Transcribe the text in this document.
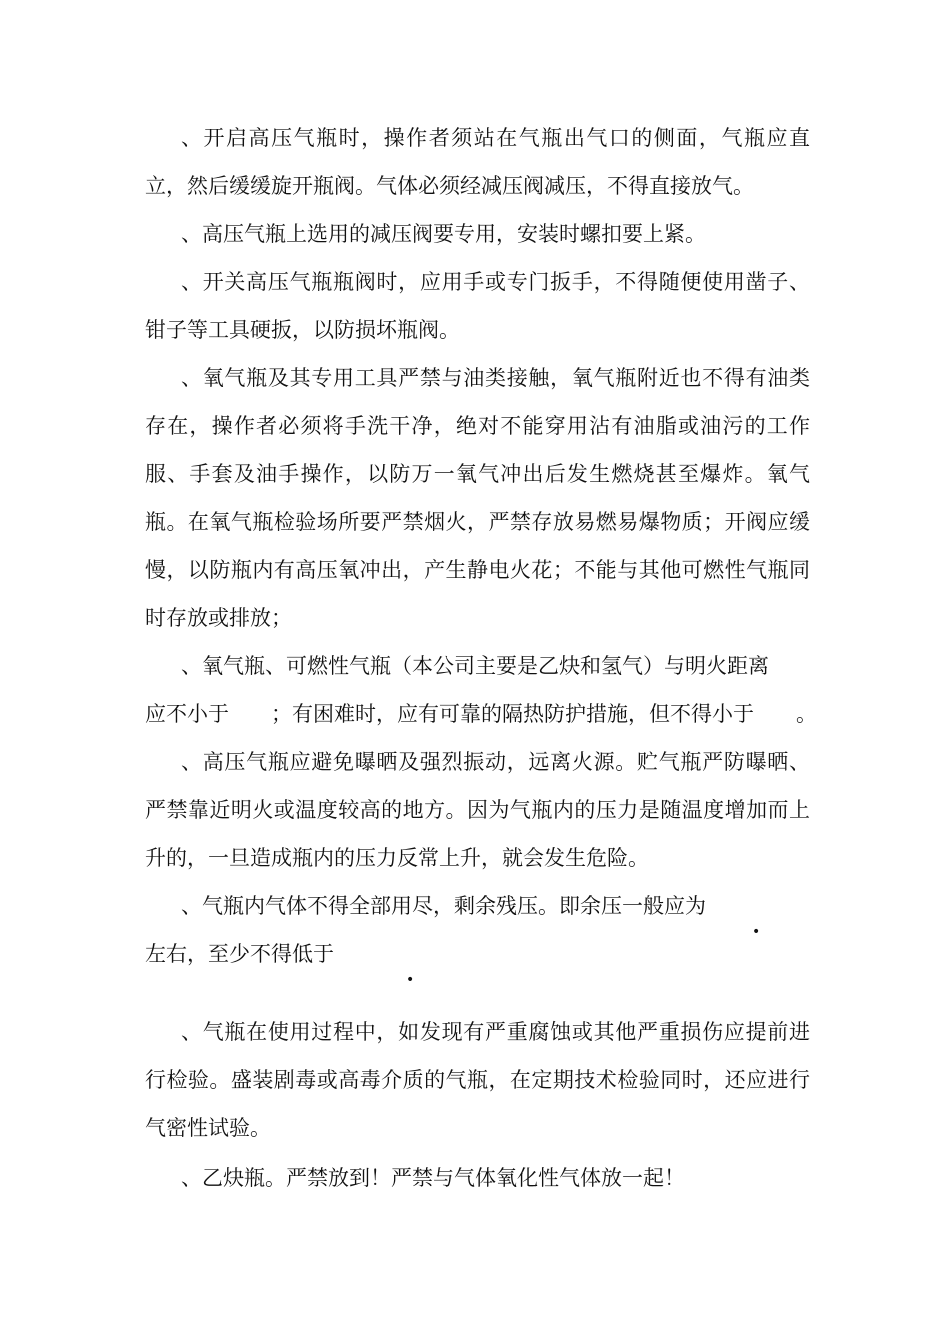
、开启高压气瓶时，操作者须站在气瓶出气口的侧面，气瓶应直立，然后缓缓旋开瓶阀。气体必须经减压阀减压，不得直接放气。

、高压气瓶上选用的减压阀要专用，安装时螺扣要上紧。

、开关高压气瓶瓶阀时，应用手或专门扳手，不得随便使用凿子、钳子等工具硬扳，以防损坏瓶阀。

、氧气瓶及其专用工具严禁与油类接触，氧气瓶附近也不得有油类存在，操作者必须将手洗干净，绝对不能穿用沾有油脂或油污的工作服、手套及油手操作，以防万一氧气冲出后发生燃烧甚至爆炸。氧气瓶。在氧气瓶检验场所要严禁烟火，严禁存放易燃易爆物质；开阀应缓慢，以防瓶内有高压氧冲出，产生静电火花；不能与其他可燃性气瓶同时存放或排放；

、氧气瓶、可燃性气瓶（本公司主要是乙炔和氢气）与明火距离

应不小于　　；有困难时，应有可靠的隔热防护措施，但不得小于　　。

、高压气瓶应避免曝晒及强烈振动，远离火源。贮气瓶严防曝晒、严禁靠近明火或温度较高的地方。因为气瓶内的压力是随温度增加而上升的，一旦造成瓶内的压力反常上升，就会发生危险。

、气瓶内气体不得全部用尽，剩余残压。即余压一般应为

•

左右，至少不得低于

•

、气瓶在使用过程中，如发现有严重腐蚀或其他严重损伤应提前进行检验。盛装剧毒或高毒介质的气瓶，在定期技术检验同时，还应进行气密性试验。

、乙炔瓶。严禁放到！严禁与气体氧化性气体放一起！
